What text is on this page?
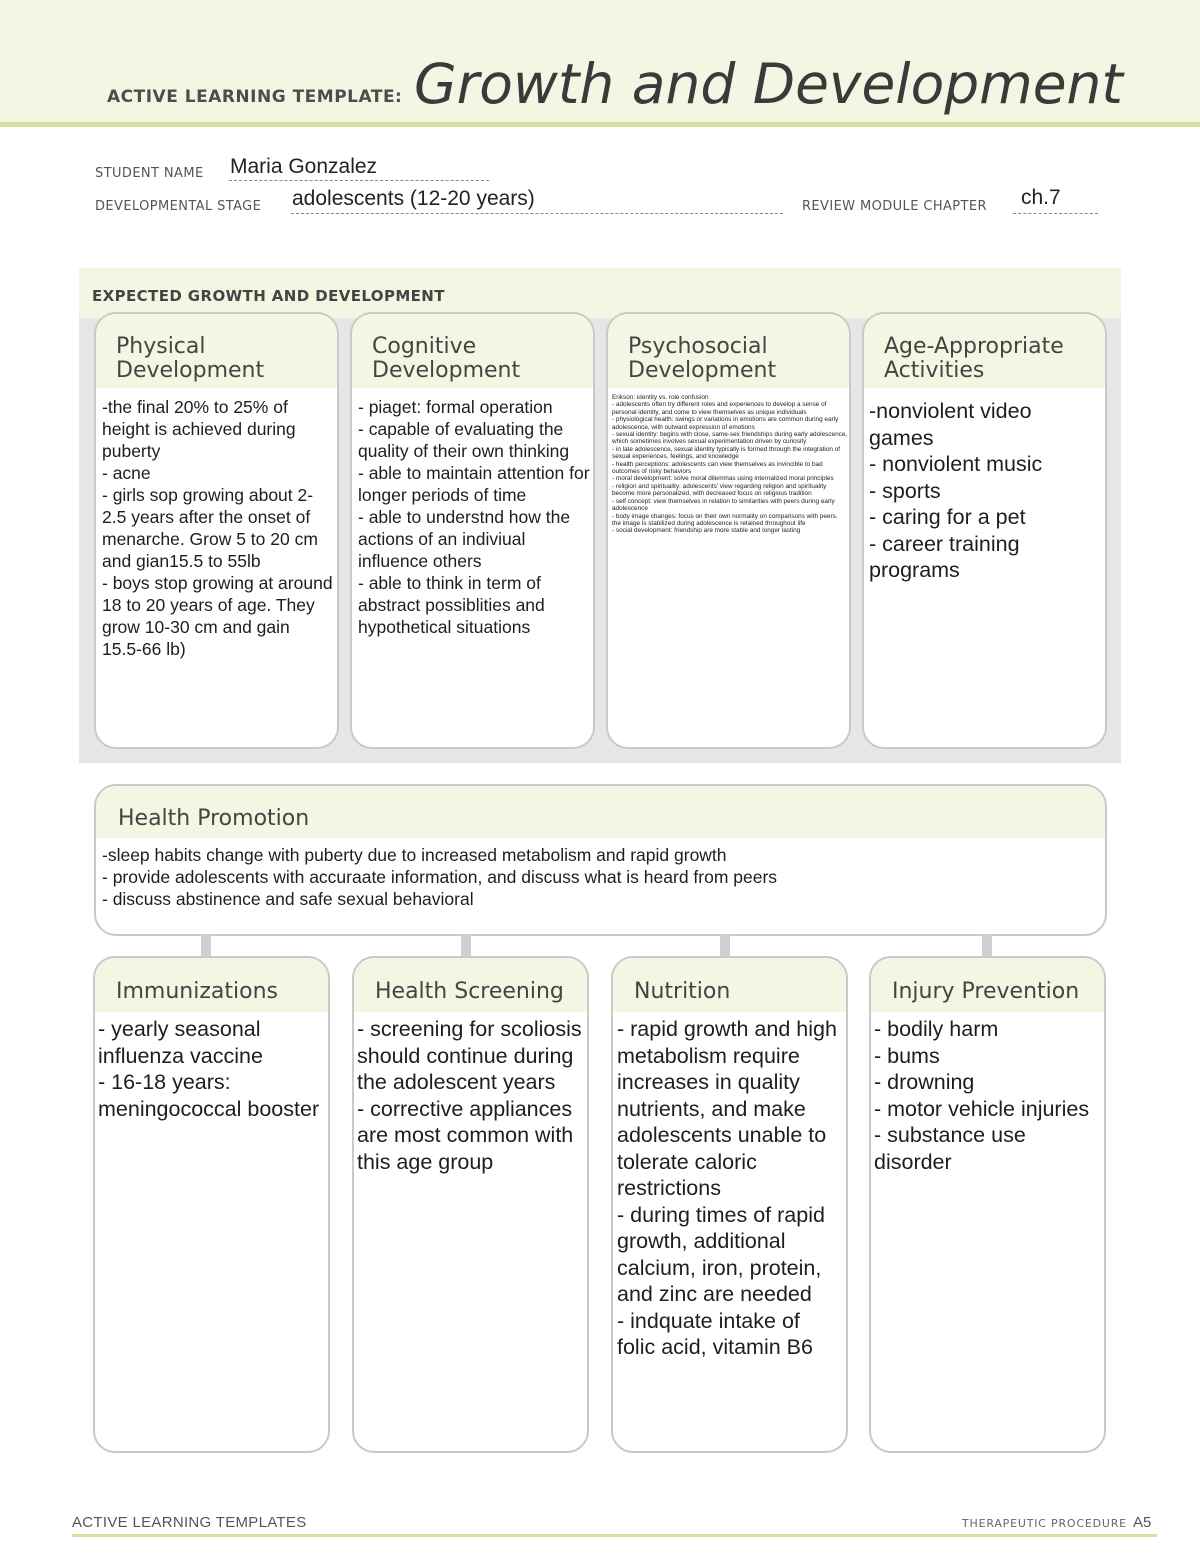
ACTIVE LEARNING TEMPLATE: Growth and Development
STUDENT NAME Maria Gonzalez
DEVELOPMENTAL STAGE adolescents (12-20 years)	REVIEW MODULE CHAPTER ch.7
EXPECTED GROWTH AND DEVELOPMENT
Physical
Development
-the final 20% to 25% of height is achieved during puberty
- acne
- girls sop growing about 2-2.5 years after the onset of menarche. Grow 5 to 20 cm and gian15.5 to 55lb
- boys stop growing at around 18 to 20 years of age. They grow 10-30 cm and gain 15.5-66 lb)
Cognitive
Development
- piaget: formal operation
- capable of evaluating the quality of their own thinking
- able to maintain attention for longer periods of time
- able to understnd how the actions of an indiviual influence others
- able to think in term of abstract possiblities and hypothetical situations
Psychosocial
Development
Erikson: identity vs. role confusion
- adolescents often try different roles and experiences to develop a sense of personal identity, and come to view themselves as unique individuals
- physiological health: swings or variations in emotions are common during early adolescence, with outward expression of emotions
- sexual identity: begins with close, same-sex friendships during early adolescence, which sometimes involves sexual experimentation driven by curiosity
- in late adolescence, sexual identity typically is formed through the integration of sexual experiences, feelings, and knowledge
- health perceptions: adolescents can view themselves as invincible to bad outcomes of risky behaviors
- moral development: solve moral dilemmas using internalized moral principles
- religion and spirituality: adolescents' view regarding religion and spirituality become more personalized, with decreased focus on religious tradition
- self concept: view themselves in relation to similarities with peers during early adolescence
- body image changes: focus on their own normality on comparisons with peers. the image is stabilized during adolescence is retained throughout life
- social development: friendship are more stable and longer lasting
Age-Appropriate
Activities
-nonviolent video games
- nonviolent music
- sports
- caring for a pet
- career training programs
Health Promotion
-sleep habits change with puberty due to increased metabolism and rapid growth
- provide adolescents with accuraate information, and discuss what is heard from peers
- discuss abstinence and safe sexual behavioral
Immunizations
- yearly seasonal influenza vaccine
- 16-18 years: meningococcal booster
Health Screening
- screening for scoliosis should continue during the adolescent years
- corrective appliances are most common with this age group
Nutrition
- rapid growth and high metabolism require increases in quality nutrients, and make adolescents unable to tolerate caloric restrictions
- during times of rapid growth, additional calcium, iron, protein, and zinc are needed
- indquate intake of folic acid, vitamin B6
Injury Prevention
- bodily harm
- bums
- drowning
- motor vehicle injuries
- substance use disorder
ACTIVE LEARNING TEMPLATES	THERAPEUTIC PROCEDURE A5
